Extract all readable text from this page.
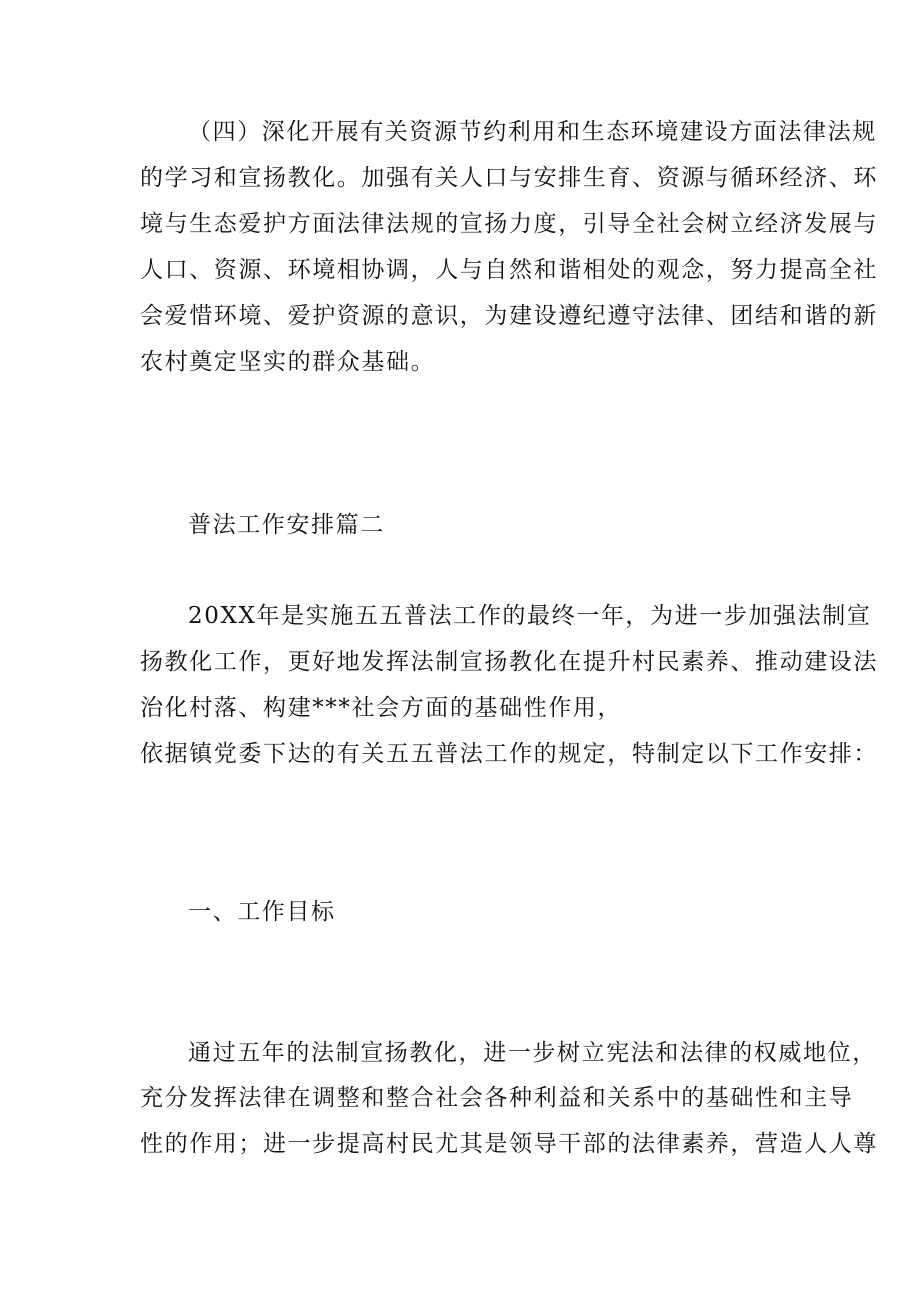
（四）深化开展有关资源节约利用和生态环境建设方面法律法规
的学习和宣扬教化。加强有关人口与安排生育、资源与循环经济、环
境与生态爱护方面法律法规的宣扬力度，引导全社会树立经济发展与
人口、资源、环境相协调，人与自然和谐相处的观念，努力提高全社
会爱惜环境、爱护资源的意识，为建设遵纪遵守法律、团结和谐的新
农村奠定坚实的群众基础。
普法工作安排篇二
20XX年是实施五五普法工作的最终一年，为进一步加强法制宣
扬教化工作，更好地发挥法制宣扬教化在提升村民素养、推动建设法
治化村落、构建***社会方面的基础性作用，
依据镇党委下达的有关五五普法工作的规定，特制定以下工作安排：
一、工作目标
通过五年的法制宣扬教化，进一步树立宪法和法律的权威地位，
充分发挥法律在调整和整合社会各种利益和关系中的基础性和主导
性的作用；进一步提高村民尤其是领导干部的法律素养，营造人人尊
